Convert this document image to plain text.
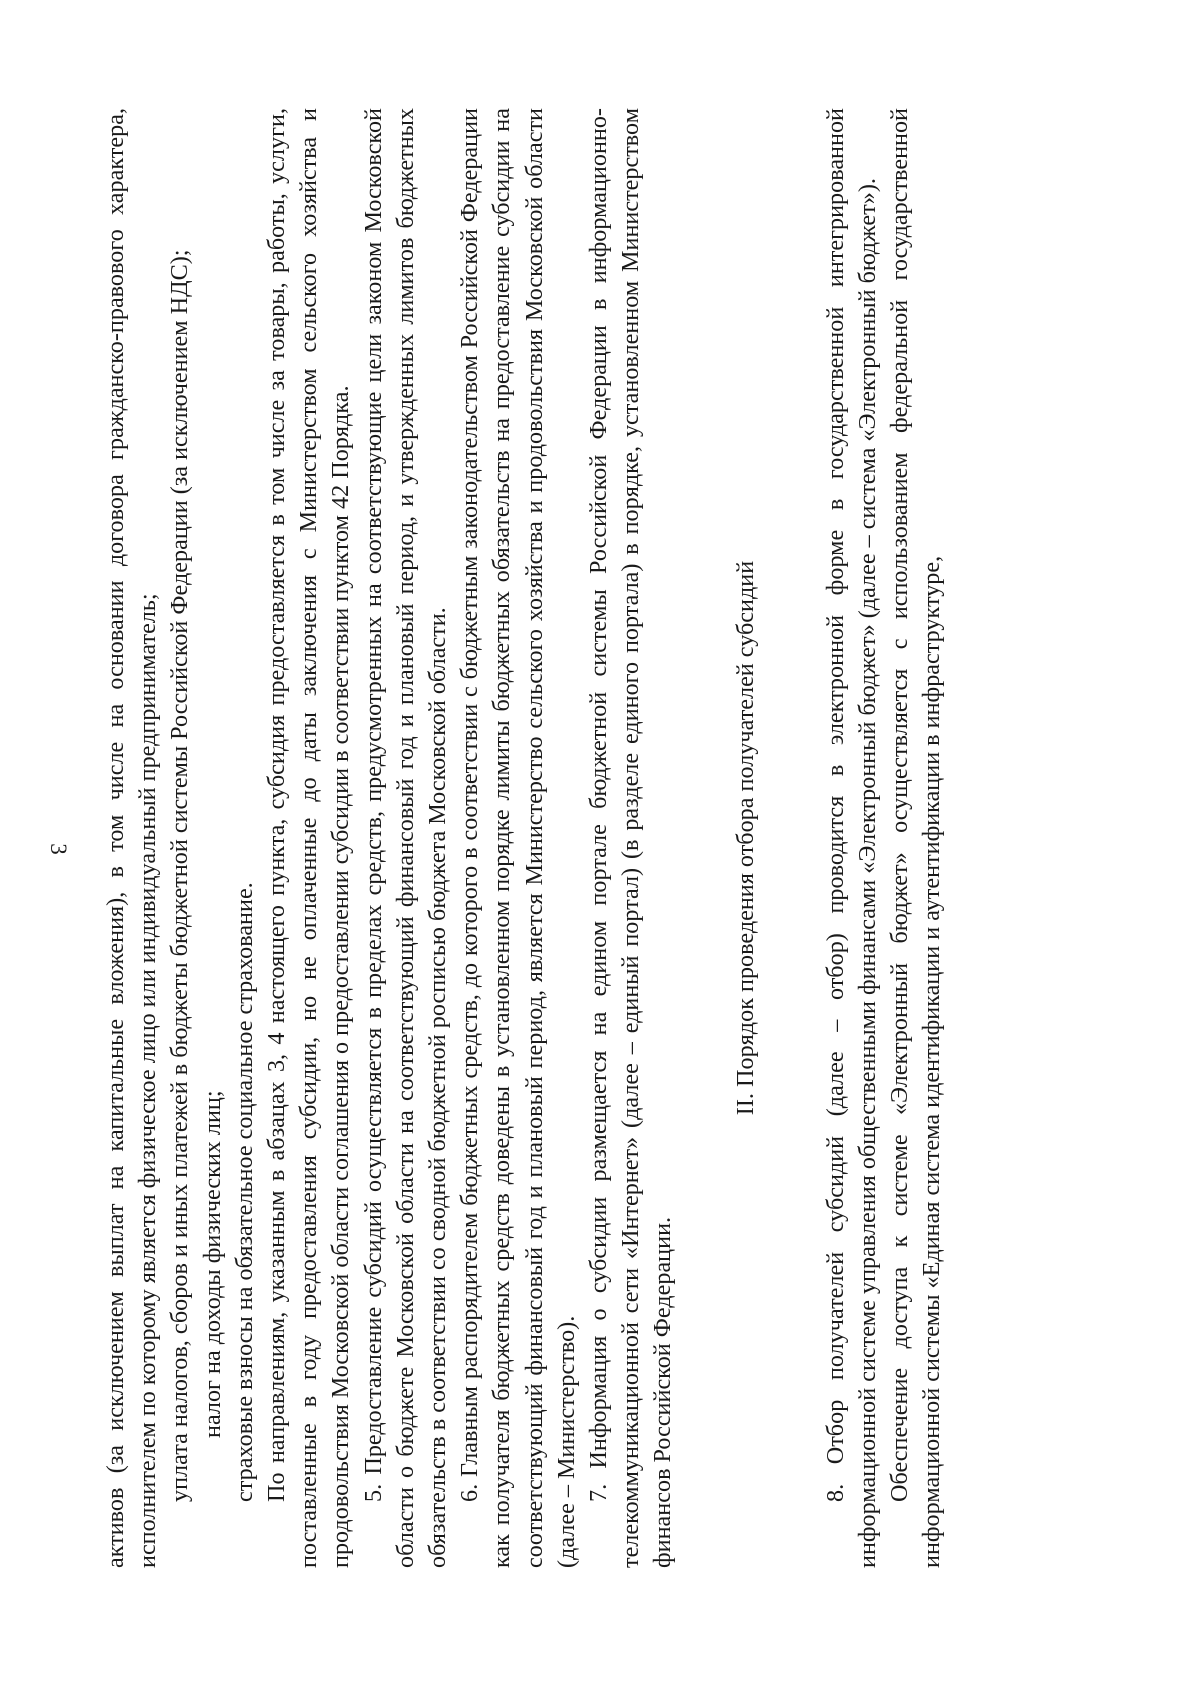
3 активов (за исключением выплат на капитальные вложения), в том числе на основании договора гражданско-правового характера, исполнителем по которому является физическое лицо или индивидуальный предприниматель; уплата налогов, сборов и иных платежей в бюджеты бюджетной системы Российской Федерации (за исключением НДС); налог на доходы физических лиц; страховые взносы на обязательное социальное страхование. По направлениям, указанным в абзацах 3, 4 настоящего пункта, субсидия предоставляется в том числе за товары, работы, услуги, поставленные в году предоставления субсидии, но не оплаченные до даты заключения с Министерством сельского хозяйства и продовольствия Московской области соглашения о предоставлении субсидии в соответствии пунктом 42 Порядка. 5. Предоставление субсидий осуществляется в пределах средств, предусмотренных на соответствующие цели законом Московской области о бюджете Московской области на соответствующий финансовый год и плановый период, и утвержденных лимитов бюджетных обязательств в соответствии со сводной бюджетной росписью бюджета Московской области. 6. Главным распорядителем бюджетных средств, до которого в соответствии с бюджетным законодательством Российской Федерации как получателя бюджетных средств доведены в установленном порядке лимиты бюджетных обязательств на предоставление субсидии на соответствующий финансовый год и плановый период, является Министерство сельского хозяйства и продовольствия Московской области (далее – Министерство). 7. Информация о субсидии размещается на едином портале бюджетной системы Российской Федерации в информационно-телекоммуникационной сети «Интернет» (далее – единый портал) (в разделе единого портала) в порядке, установленном Министерством финансов Российской Федерации.

II. Порядок проведения отбора получателей субсидий	8. Отбор получателей субсидий (далее – отбор) проводится в электронной форме в государственной интегрированной информационной системе управления общественными финансами «Электронный бюджет» (далее – система «Электронный бюджет»). Обеспечение доступа к системе «Электронный бюджет» осуществляется с использованием федеральной государственной информационной системы «Единая система идентификации и аутентификации в инфраструктуре,
